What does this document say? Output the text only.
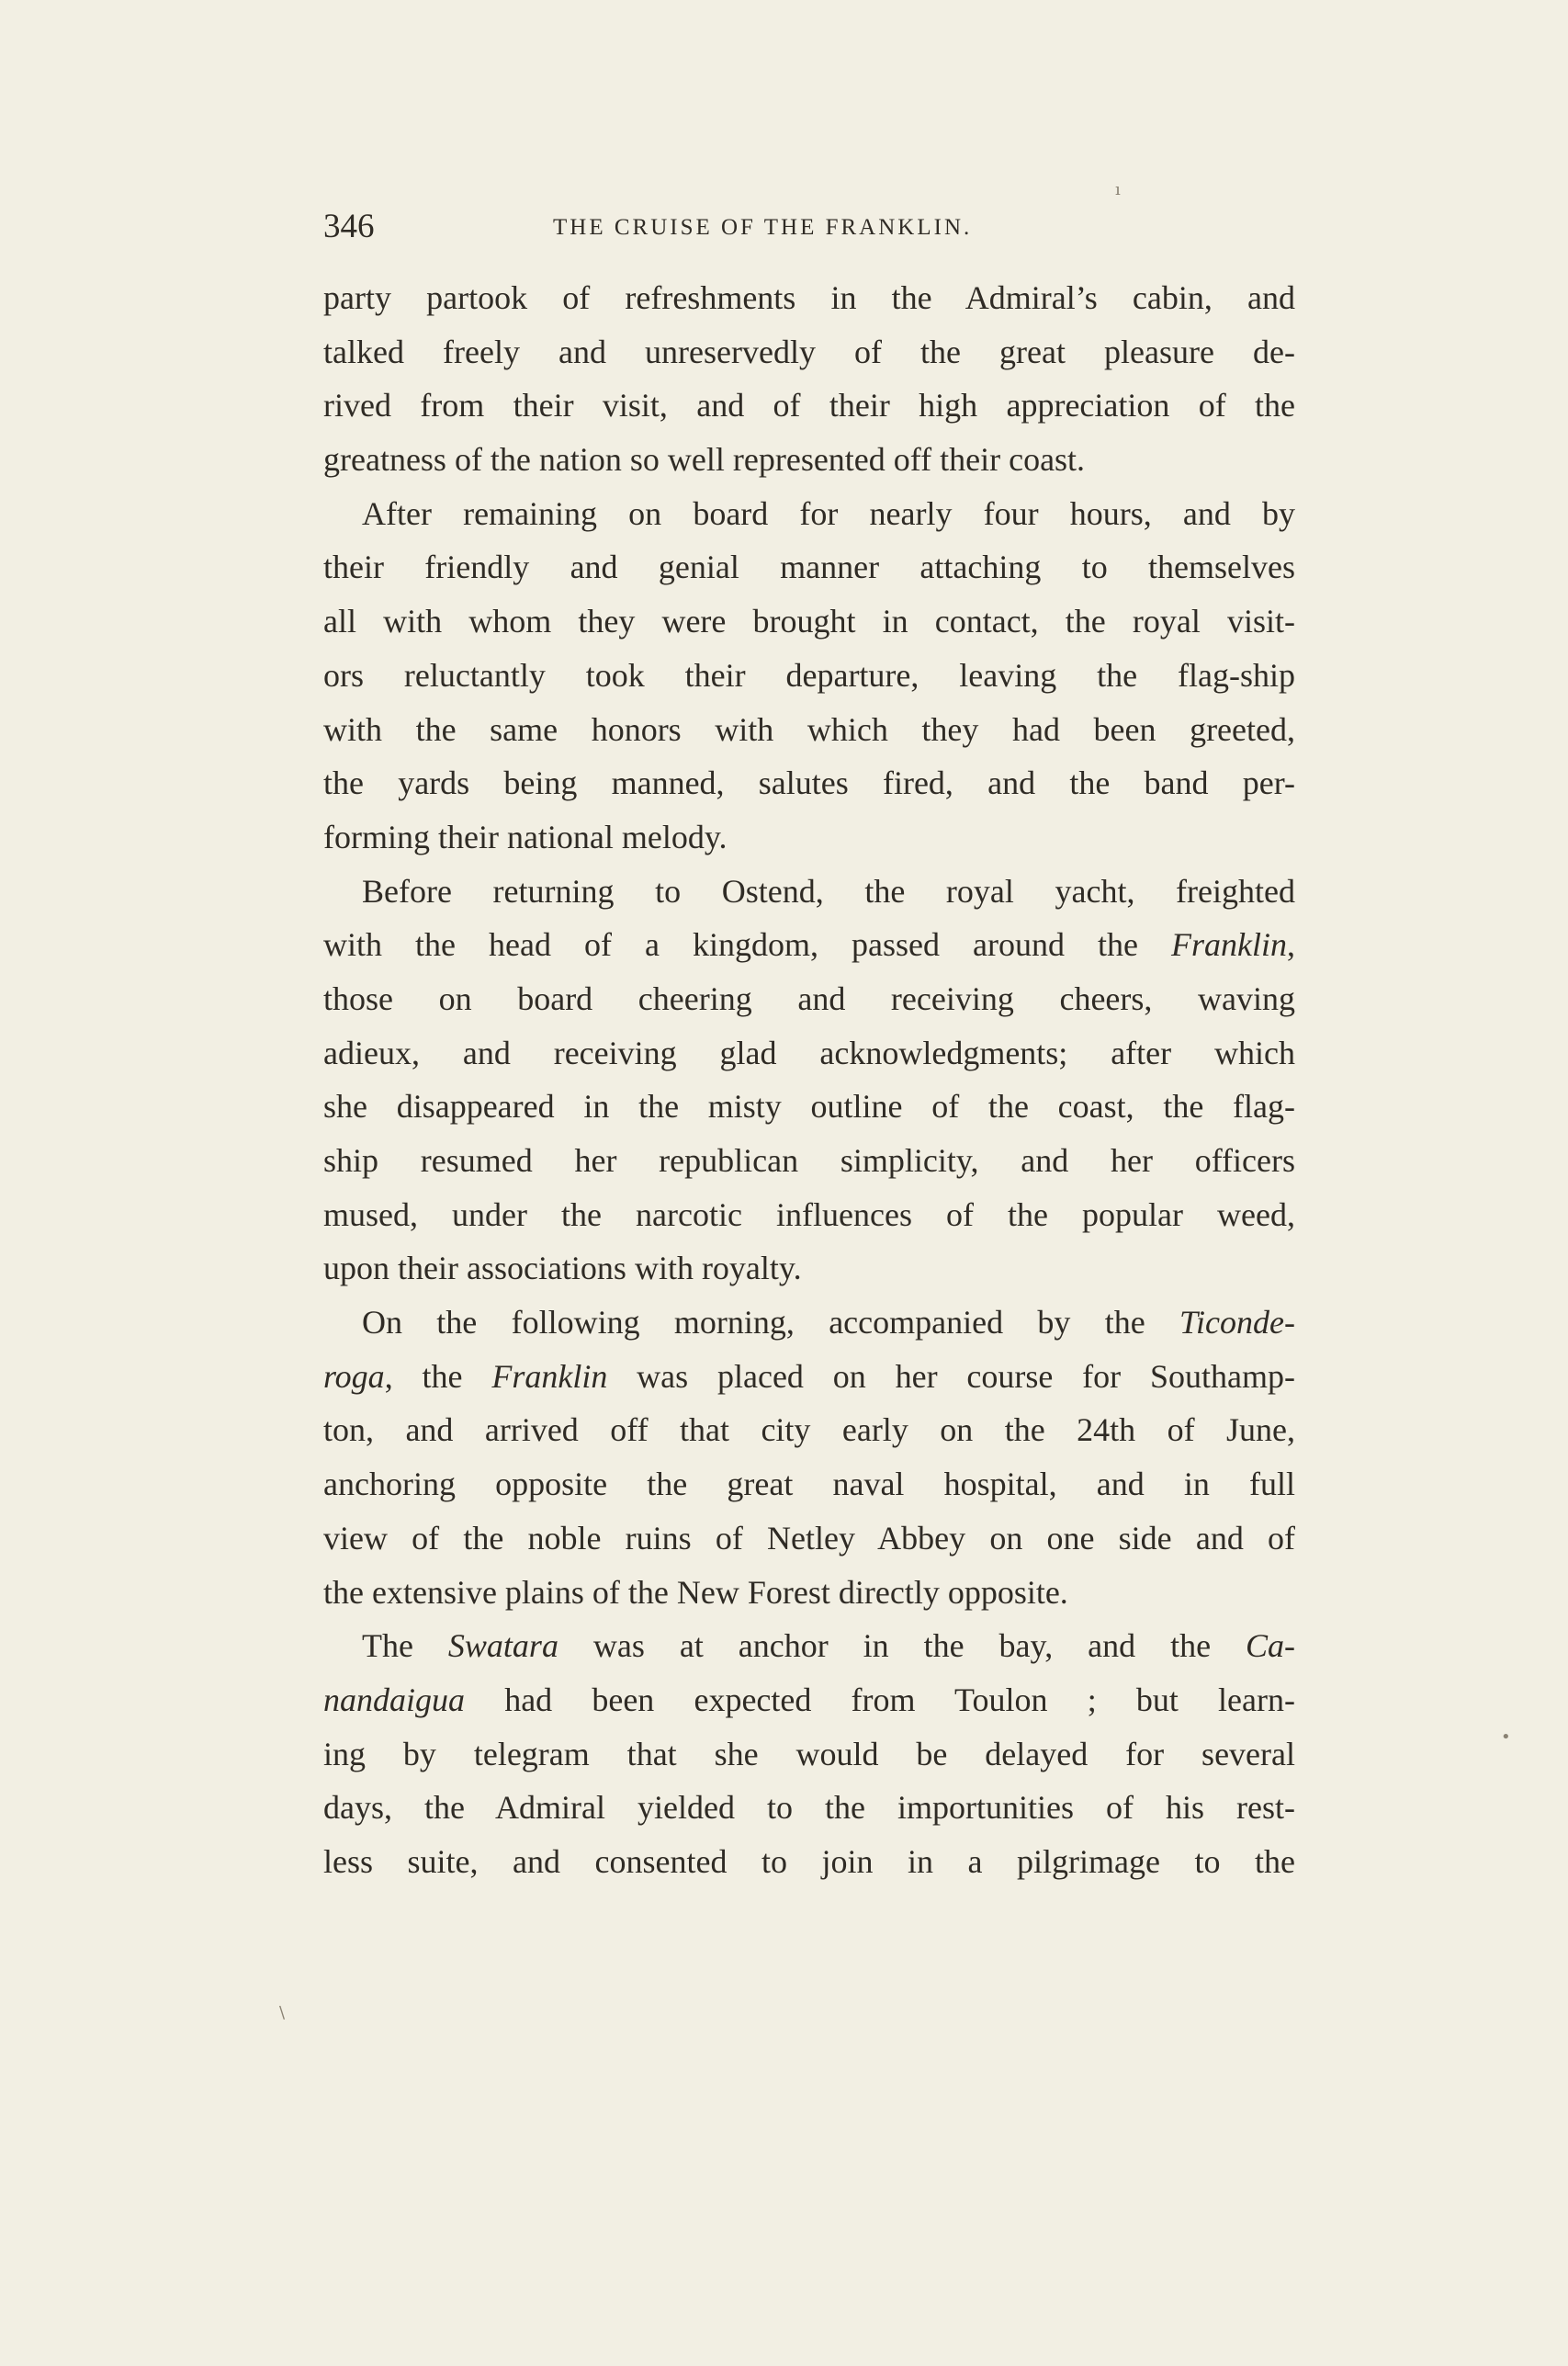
346	THE CRUISE OF THE FRANKLIN.
party partook of refreshments in the Admiral’s cabin, and
talked freely and unreservedly of the great pleasure de-
rived from their visit, and of their high appreciation of the
greatness of the nation so well represented off their coast.
After remaining on board for nearly four hours, and by
their friendly and genial manner attaching to themselves
all with whom they were brought in contact, the royal visit-
ors reluctantly took their departure, leaving the flag-ship
with the same honors with which they had been greeted,
the yards being manned, salutes fired, and the band per-
forming their national melody.
Before returning to Ostend, the royal yacht, freighted
with the head of a kingdom, passed around the Franklin,
those on board cheering and receiving cheers, waving
adieux, and receiving glad acknowledgments; after which
she disappeared in the misty outline of the coast, the flag-
ship resumed her republican simplicity, and her officers
mused, under the narcotic influences of the popular weed,
upon their associations with royalty.
On the following morning, accompanied by the Ticonde-
roga, the Franklin was placed on her course for Southamp-
ton, and arrived off that city early on the 24th of June,
anchoring opposite the great naval hospital, and in full
view of the noble ruins of Netley Abbey on one side and of
the extensive plains of the New Forest directly opposite.
The Swatara was at anchor in the bay, and the Ca-
nandaigua had been expected from Toulon ; but learn-
ing by telegram that she would be delayed for several
days, the Admiral yielded to the importunities of his rest-
less suite, and consented to join in a pilgrimage to the
ı
•
\
